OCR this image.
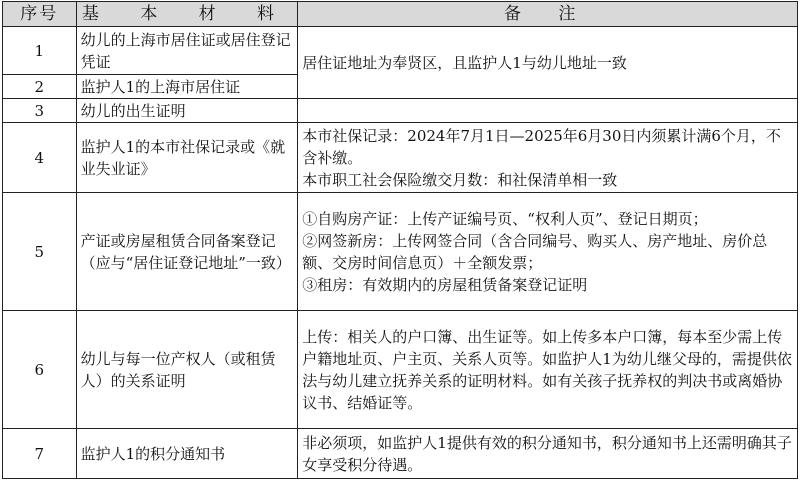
序号	基 本 材 料	备 注
1	幼儿的上海市居住证或居住登记凭证	居住证地址为奉贤区，且监护人1与幼儿地址一致

2	监护人1的上海市居住证	
3	幼儿的出生证明	
4	监护人1的本市社保记录或《就业失业证》	本市社保记录：2024年7月1日—2025年6月30日内须累计满6个月，不含补缴。
本市职工社会保险缴交月数：和社保清单相一致

5	产证或房屋租赁合同备案登记（应与“居住证登记地址”一致）	①自购房产证：上传产证编号页、“权利人页”、登记日期页；
②网签新房：上传网签合同（含合同编号、购买人、房产地址、房价总额、交房时间信息页）＋全额发票；
③租房：有效期内的房屋租赁备案登记证明

6	幼儿与每一位产权人（或租赁人）的关系证明	上传：相关人的户口簿、出生证等。如上传多本户口簿，每本至少需上传户籍地址页、户主页、关系人页等。如监护人1为幼儿继父母的，需提供依法与幼儿建立抚养关系的证明材料。如有关孩子抚养权的判决书或离婚协议书、结婚证等。

7	监护人1的积分通知书	非必须项，如监护人1提供有效的积分通知书，积分通知书上还需明确其子女享受积分待遇。
